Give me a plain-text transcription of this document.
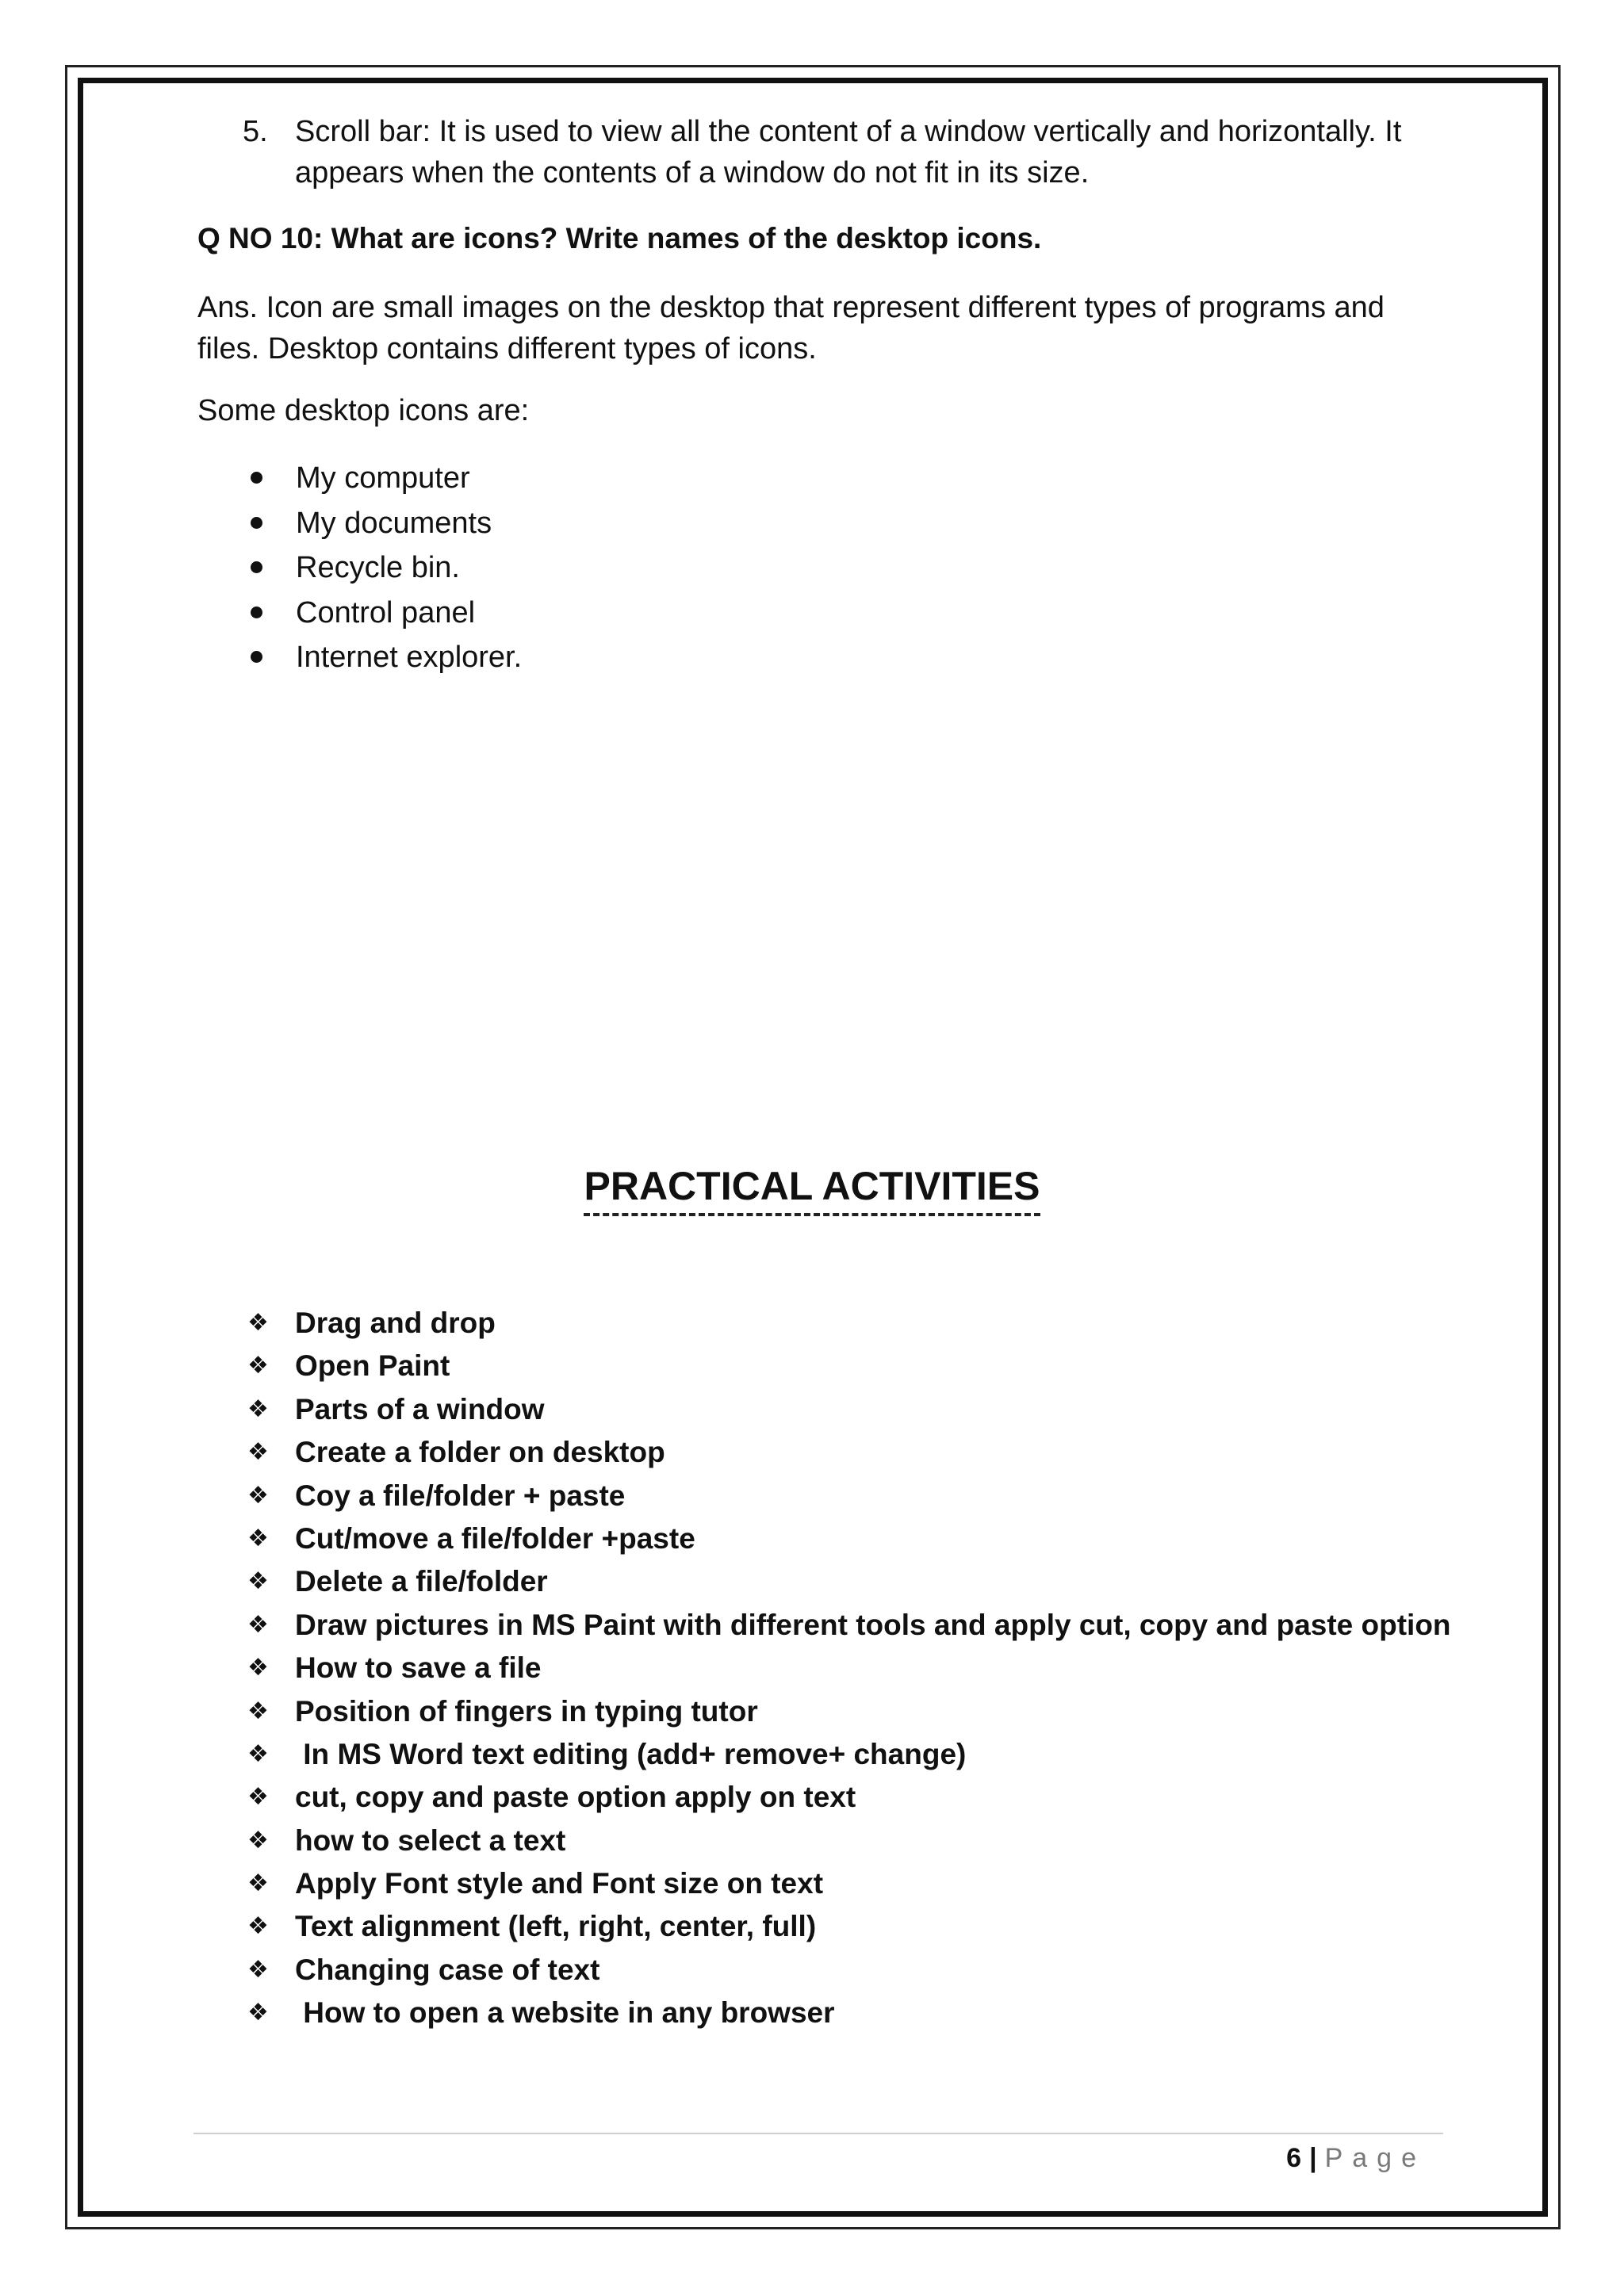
5. Scroll bar: It is used to view all the content of a window vertically and horizontally. It appears when the contents of a window do not fit in its size.
Q NO 10: What are icons? Write names of the desktop icons.
Ans. Icon are small images on the desktop that represent different types of programs and files. Desktop contains different types of icons.
Some desktop icons are:
My computer
My documents
Recycle bin.
Control panel
Internet explorer.
PRACTICAL ACTIVITIES
❖ Drag and drop
❖ Open Paint
❖ Parts of a window
❖ Create a folder on desktop
❖ Coy a file/folder + paste
❖ Cut/move a file/folder +paste
❖ Delete a file/folder
❖ Draw pictures in MS Paint with different tools and apply cut, copy and paste option
❖ How to save a file
❖ Position of fingers in typing tutor
❖ In MS Word text editing (add+ remove+ change)
❖ cut, copy and paste option apply on text
❖ how to select a text
❖ Apply Font style and Font size on text
❖ Text alignment (left, right, center, full)
❖ Changing case of text
❖ How to open a website in any browser
6 | Page
